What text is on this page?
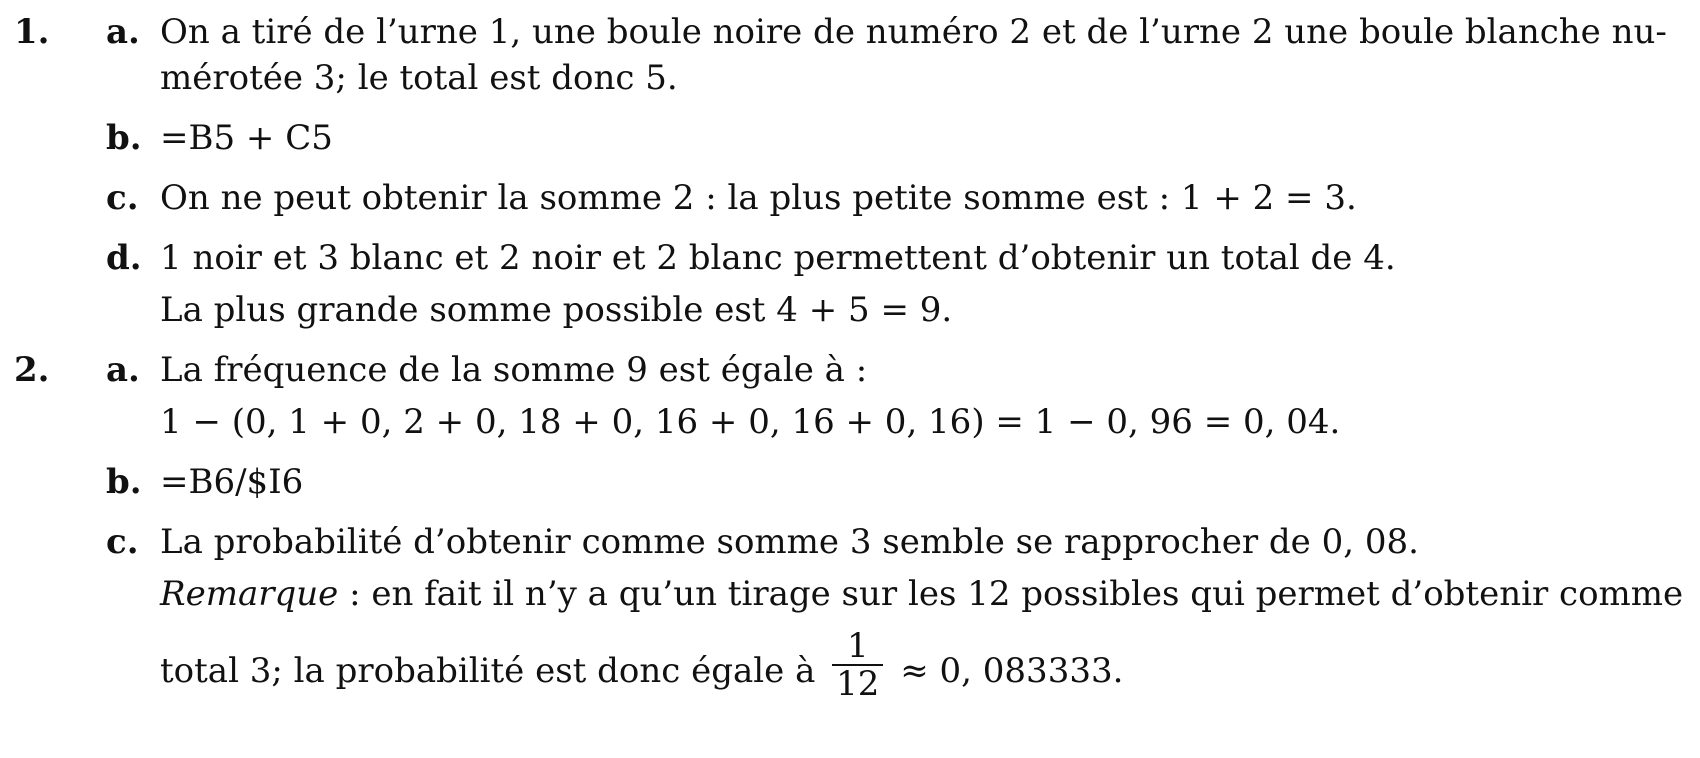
1. a. On a tiré de l’urne 1, une boule noire de numéro 2 et de l’urne 2 une boule blanche nu-
mérotée 3; le total est donc 5.
b. =B5 + C5
c. On ne peut obtenir la somme 2 : la plus petite somme est : 1 + 2 = 3.
d. 1 noir et 3 blanc et 2 noir et 2 blanc permettent d’obtenir un total de 4.
La plus grande somme possible est 4 + 5 = 9.
2. a. La fréquence de la somme 9 est égale à :
1 − (0, 1 + 0, 2 + 0, 18 + 0, 16 + 0, 16 + 0, 16) = 1 − 0, 96 = 0, 04.
b. =B6/$I6
c. La probabilité d’obtenir comme somme 3 semble se rapprocher de 0, 08.
Remarque : en fait il n’y a qu’un tirage sur les 12 possibles qui permet d’obtenir comme
total 3; la probabilité est donc égale à $\frac{1}{12} \approx 0$, 083333.
